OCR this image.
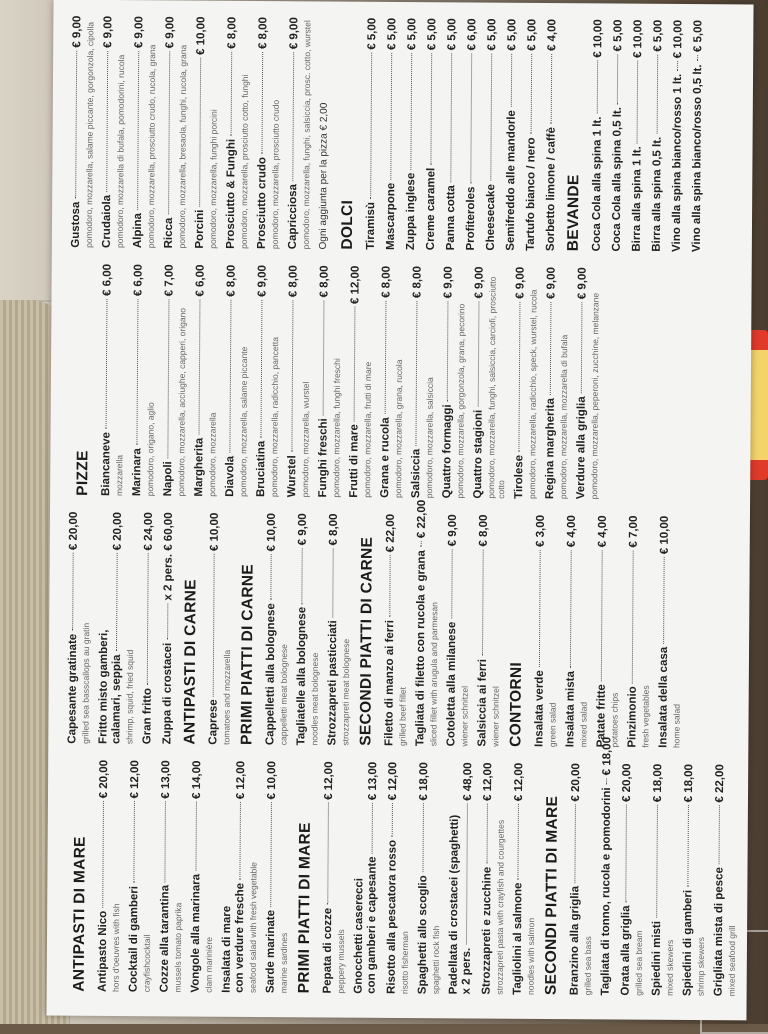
ANTIPASTI DI MARE Antipasto Nico
€ 20,00
hors d'oeuvres with fish Cocktail di gamberi
€ 12,00
crayfishcocktail Cozze alla tarantina
€ 13,00
mussels tomato paprika Vongole alla marinara
€ 14,00
clam marinière Insalata di mare con verdure fresche
€ 12,00
seafood salad with fresh vegetable Sarde marinate
€ 10,00
marine sardines PRIMI PIATTI DI MARE Pepata di cozze
€ 12,00
peppery mussels Gnocchetti casereccі con gamberi e capesante
€ 13,00
Risotto alla pescatora rosso
€ 12,00
risotto fisherman Spaghetti allo scoglio
€ 18,00
spaghetti rock fish Padellata di crostacei (spaghetti) x 2 pers.
€ 48,00
Strozzapreti e zucchine
€ 12,00
strozzapreti pasta with crayfish and courgettes Tagliolini al salmone
€ 12,00
noodles with salmon SECONDI PIATTI DI MARE Branzino alla griglia
€ 20,00
grilled sea bass Tagliata di tonno, rucola e pomodorini
€ 18,00
Orata alla griglia
€ 20,00
grilled sea bream Spiedini misti
€ 18,00
mixed skewers Spiedini di gamberi
€ 18,00
shrimp skewers Grigliata mista di pesce
€ 22,00
mixed seafood grill
Capesante gratinate
€ 20,00
grilled sea basscallops au gratin Fritto misto gamberi, calamari, seppia
€ 20,00
shrimp, squid, fried squid Gran fritto
€ 24,00
Zuppa di crostacei
x 2 pers. € 60,00
ANTIPASTI DI CARNE Caprese
€ 10,00
tomatoes and mozzarella PRIMI PIATTI DI CARNE Cappelletti alla bolognese
€ 10,00
cappelletti meat bolognese Tagliatelle alla bolognese
€ 9,00
noodles meat bolognese Strozzapreti pasticciati
€ 8,00
strozzapreti meat bolognese SECONDI PIATTI DI CARNE Filetto di manzo ai ferri
€ 22,00
grilled beef fillet Tagliata di filetto con rucola e grana
€ 22,00
sliced fillet with arugula and parmesan Cotoletta alla milanese
€ 9,00
wiener schnitzel Salsiccia ai ferri
€ 8,00
wiener schnitzel CONTORNI Insalata verde
€ 3,00
green salad Insalata mista
€ 4,00
mixed salad Patate fritte
€ 4,00
potatoes chips Pinzimonio
€ 7,00
fresh vegetables Insalata della casa
€ 10,00
home salad
PIZZE Biancaneve
€ 6,00
mozzarella Marinara
€ 6,00
pomodoro, origano, aglio Napoli
€ 7,00
pomodoro, mozzarella, acciughe, capperi, origano Margherita
€ 6,00
pomodoro, mozzarella Diavola
€ 8,00
pomodoro, mozzarella, salame piccante Bruciatina
€ 9,00
pomodoro, mozzarella, radicchio, pancetta Wurstel
€ 8,00
pomodoro, mozzarella, wurstel Funghi freschi
€ 8,00
pomodoro, mozzarella, funghi freschi Frutti di mare
€ 12,00
pomodoro, mozzarella, frutti di mare Grana e rucola
€ 8,00
pomodoro, mozzarella, grana, rucola Salsiccia
€ 8,00
pomodoro, mozzarella, salsiccia Quattro formaggi
€ 9,00
pomodoro, mozzarella, gorgonzola, grana, pecorino Quattro stagioni
€ 9,00 pomodoro, mozzarella, funghi, salsiccia, carciofi, prosciutto cotto Tirolese
€ 9,00
pomodoro, mozzarella, radicchio, speck, wurstel, rucola Regina margherita
€ 9,00
pomodoro, mozzarella, mozzarella di bufala Verdure alla griglia
€ 9,00
pomodoro, mozzarella, peperoni, zucchine, melanzane
Gustosa
€ 9,00 pomodoro, mozzarella, salame piccante, gorgonzola, cipolla Crudaiola
€ 9,00
pomodoro, mozzarella di bufala, pomodorini, rucola Alpina
€ 9,00
pomodoro, mozzarella, prosciutto crudo, rucola, grana Ricca
€ 9,00
pomodoro, mozzarella, bresaola, funghi, rucola, grana Porcini
€ 10,00
pomodoro, mozzarella, funghi porcini Prosciutto & Funghi
€ 8,00
pomodoro, mozzarella, prosciutto cotto, funghi Prosciutto crudo
€ 8,00
pomodoro, mozzarella, prosciutto crudo Capricciosa
€ 9,00 pomodoro, mozzarella, funghi, salsiccia, prosc. cotto, wurstel Ogni aggiunta per la pizza € 2,00 DOLCI Tiramisù
€ 5,00
Mascarpone
€ 5,00
Zuppa inglese
€ 5,00
Creme caramel
€ 5,00
Panna cotta
€ 5,00
Profiteroles
€ 6,00
Cheesecake
€ 5,00
Semifreddo alle mandorle
€ 5,00
Tartufo bianco / nero
€ 5,00
Sorbetto limone / caffè
€ 4,00
BEVANDE Coca Cola alla spina 1 lt.
€ 10,00
Coca Cola alla spina 0,5 lt.
€ 5,00
Birra alla spina 1 lt.
€ 10,00
Birra alla spina 0,5 lt.
€ 5,00
Vino alla spina bianco/rosso 1 lt.
€ 10,00
Vino alla spina bianco/rosso 0,5 lt.
€ 5,00
